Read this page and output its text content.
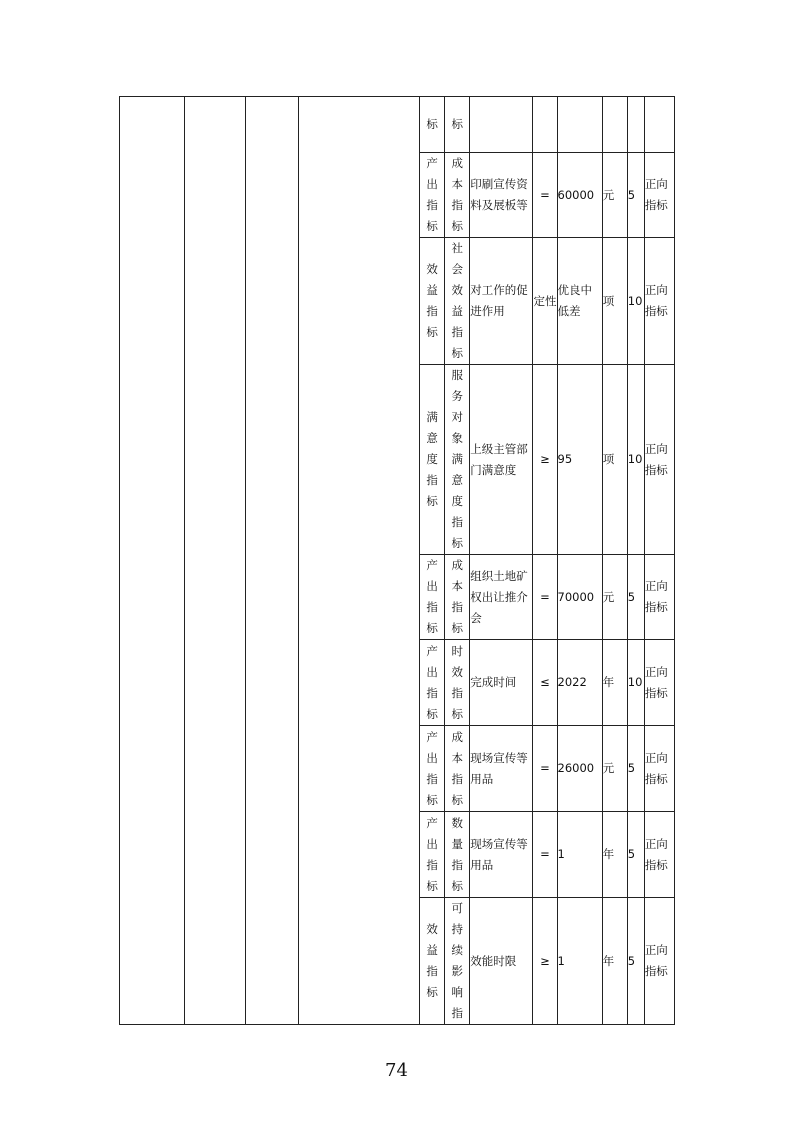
				标	标						

				产出指标	成本指标	印刷宣传资料及展板等	=	60000	元	5	正向指标

				效益指标	社会效益指标	对工作的促进作用	定性	优良中低差	项	10	正向指标

				满意度指标	服务对象满意度指标	上级主管部门满意度	≥	95	项	10	正向指标

				产出指标	成本指标	组织土地矿权出让推介会	=	70000	元	5	正向指标

				产出指标	时效指标	完成时间	≤	2022	年	10	正向指标

				产出指标	成本指标	现场宣传等用品	=	26000	元	5	正向指标

				产出指标	数量指标	现场宣传等用品	=	1	年	5	正向指标

				效益指标	可持续影响指	效能时限	≥	1	年	5	正向指标
74
